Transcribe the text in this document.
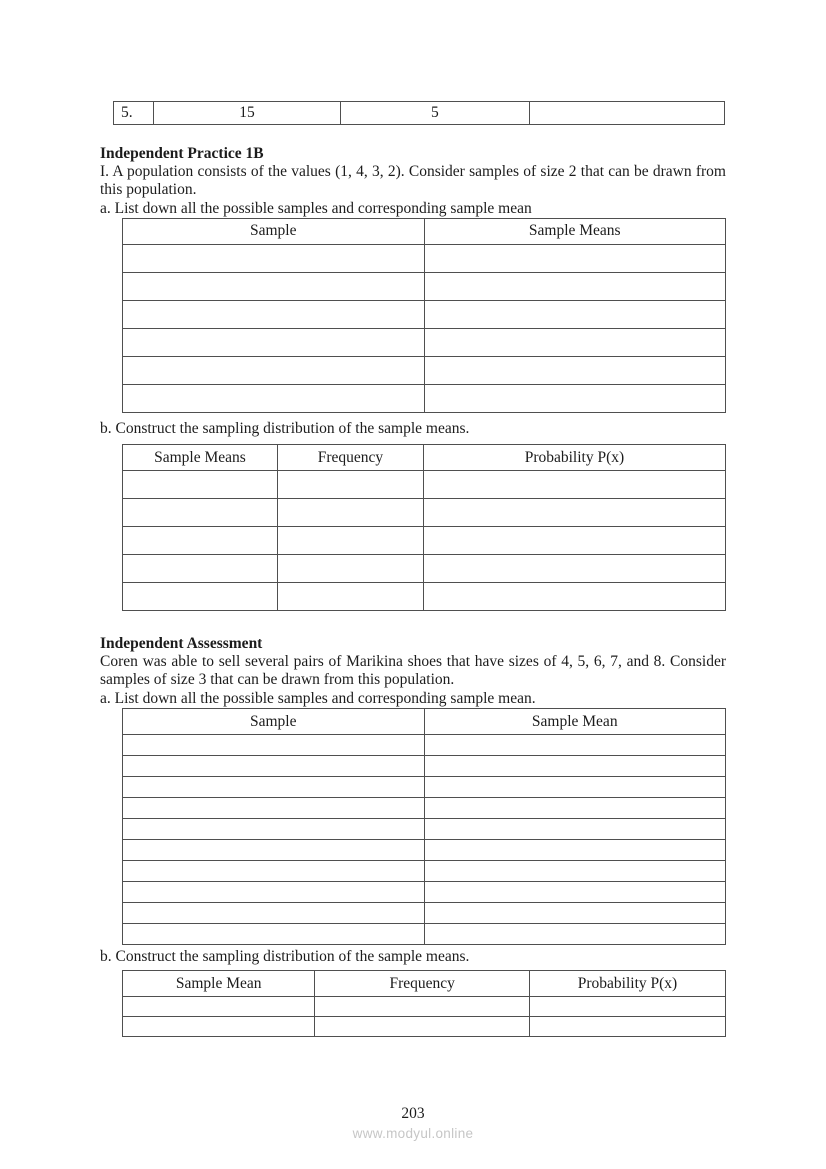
5.	15	5	

Independent Practice 1B

I. A population consists of the values (1, 4, 3, 2). Consider samples of size 2 that can be drawn from this population.

a. List down all the possible samples and corresponding sample mean

Sample	Sample Means

b. Construct the sampling distribution of the sample means.

Sample Means	Frequency	Probability P(x)

Independent Assessment

Coren was able to sell several pairs of Marikina shoes that have sizes of 4, 5, 6, 7, and 8. Consider samples of size 3 that can be drawn from this population.

a. List down all the possible samples and corresponding sample mean.

Sample	Sample Mean

b. Construct the sampling distribution of the sample means.

Sample Mean	Frequency	Probability P(x)

203
www.modyul.online
